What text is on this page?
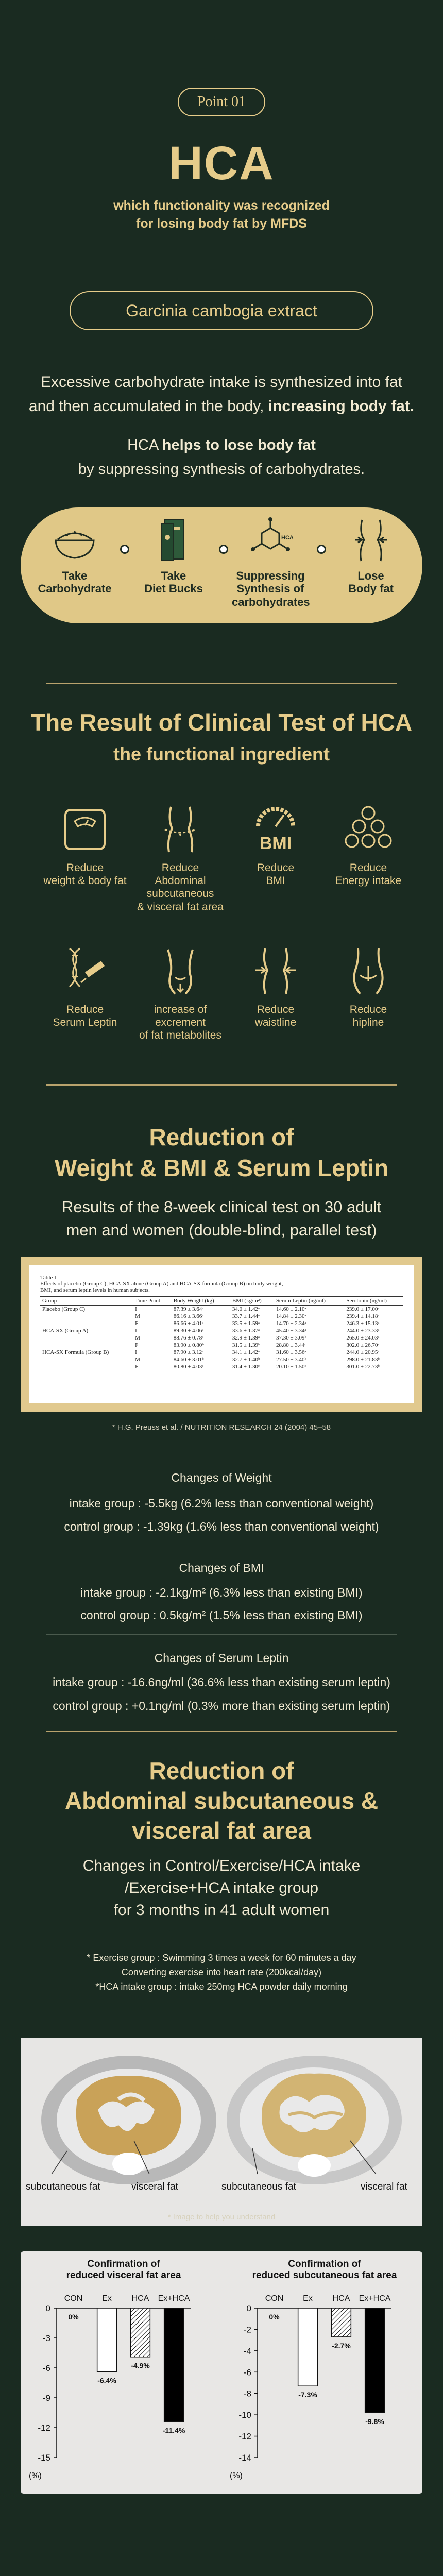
Point 01
HCA
which functionality was recognized
for losing body fat by MFDS
Garcinia cambogia extract
Excessive carbohydrate intake is synthesized into fat
and then accumulated in the body, increasing body fat.
HCA helps to lose body fat
by suppressing synthesis of carbohydrates.
Take
Carbohydrate
Take
Diet Bucks
HCA
Suppressing
Synthesis of
carbohydrates
Lose
Body fat
The Result of Clinical Test of HCA
the functional ingredient
Reduce
weight & body fat
Reduce
Abdominal
subcutaneous
& visceral fat area
BMI
Reduce
BMI
Reduce
Energy intake
Reduce
Serum Leptin
increase of
excrement
of fat metabolites
Reduce
waistline
Reduce
hipline
Reduction of
Weight & BMI & Serum Leptin
Results of the 8-week clinical test on 30 adult
men and women (double-blind, parallel test)
Table 1
Effects of placebo (Group C), HCA-SX alone (Group A) and HCA-SX formula (Group B) on body weight,
BMI, and serum leptin levels in human subjects.
Group	Time Point	Body Weight (kg)	BMI (kg/m²)	Serum Leptin (ng/ml)	Serotonin (ng/ml)
Placebo (Group C)	I	87.39 ± 3.64ᵃ	34.0 ± 1.42ᵃ	14.60 ± 2.10ᵃ	239.0 ± 17.00ᵃ
	M	86.16 ± 3.66ᵃ	33.7 ± 1.44ᵃ	14.84 ± 2.30ᵃ	239.4 ± 14.18ᵃ
	F	86.66 ± 4.01ᵃ	33.5 ± 1.59ᵃ	14.70 ± 2.34ᵃ	246.3 ± 15.13ᵃ
HCA-SX (Group A)	I	89.30 ± 4.06ᵃ	33.6 ± 1.37ᵃ	45.40 ± 3.34ᵃ	244.0 ± 23.33ᵃ
	M	88.76 ± 0.78ᵃ	32.9 ± 1.39ᵃ	37.30 ± 3.09ᵇ	265.0 ± 24.03ᵃ
	F	83.90 ± 0.80ᵇ	31.5 ± 1.39ᵇ	28.80 ± 3.44ᶜ	302.0 ± 26.70ᵃ
HCA-SX Formula (Group B)	I	87.90 ± 3.12ᵃ	34.1 ± 1.42ᵃ	31.60 ± 3.56ᵃ	244.0 ± 20.95ᵃ
	M	84.60 ± 3.01ᵇ	32.7 ± 1.40ᵇ	27.50 ± 3.40ᵇ	298.0 ± 21.83ᵇ
	F	80.80 ± 4.03ᶜ	31.4 ± 1.30ᶜ	20.10 ± 1.50ᶜ	301.0 ± 22.73ᵇ
* H.G. Preuss et al. / NUTRITION RESEARCH 24 (2004) 45–58
Changes of Weight
intake group : -5.5kg (6.2% less than conventional weight)
control group : -1.39kg (1.6% less than conventional weight)
Changes of BMI
intake group : -2.1kg/m² (6.3% less than existing BMI)
control group : 0.5kg/m² (1.5% less than existing BMI)
Changes of Serum Leptin
intake group : -16.6ng/ml (36.6% less than existing serum leptin)
control group : +0.1ng/ml (0.3% more than existing serum leptin)
Reduction of
Abdominal subcutaneous &
visceral fat area
Changes in Control/Exercise/HCA intake
/Exercise+HCA intake group
for 3 months in 41 adult women
* Exercise group : Swimming 3 times a week for 60 minutes a day
Converting exercise into heart rate (200kcal/day)
*HCA intake group : intake 250mg HCA powder daily morning
subcutaneous fat	visceral fat	subcutaneous fat	visceral fat
* Image to help you understand
Confirmation of
reduced visceral fat area
0
-3
-6
-9
-12
-15
(%)
CON
0%
Ex
-6.4%
HCA
-4.9%
Ex+HCA
-11.4%
Confirmation of
reduced subcutaneous fat area
0
-2
-4
-6
-8
-10
-12
-14
(%)
CON
0%
Ex
-7.3%
HCA
-2.7%
Ex+HCA
-9.8%
